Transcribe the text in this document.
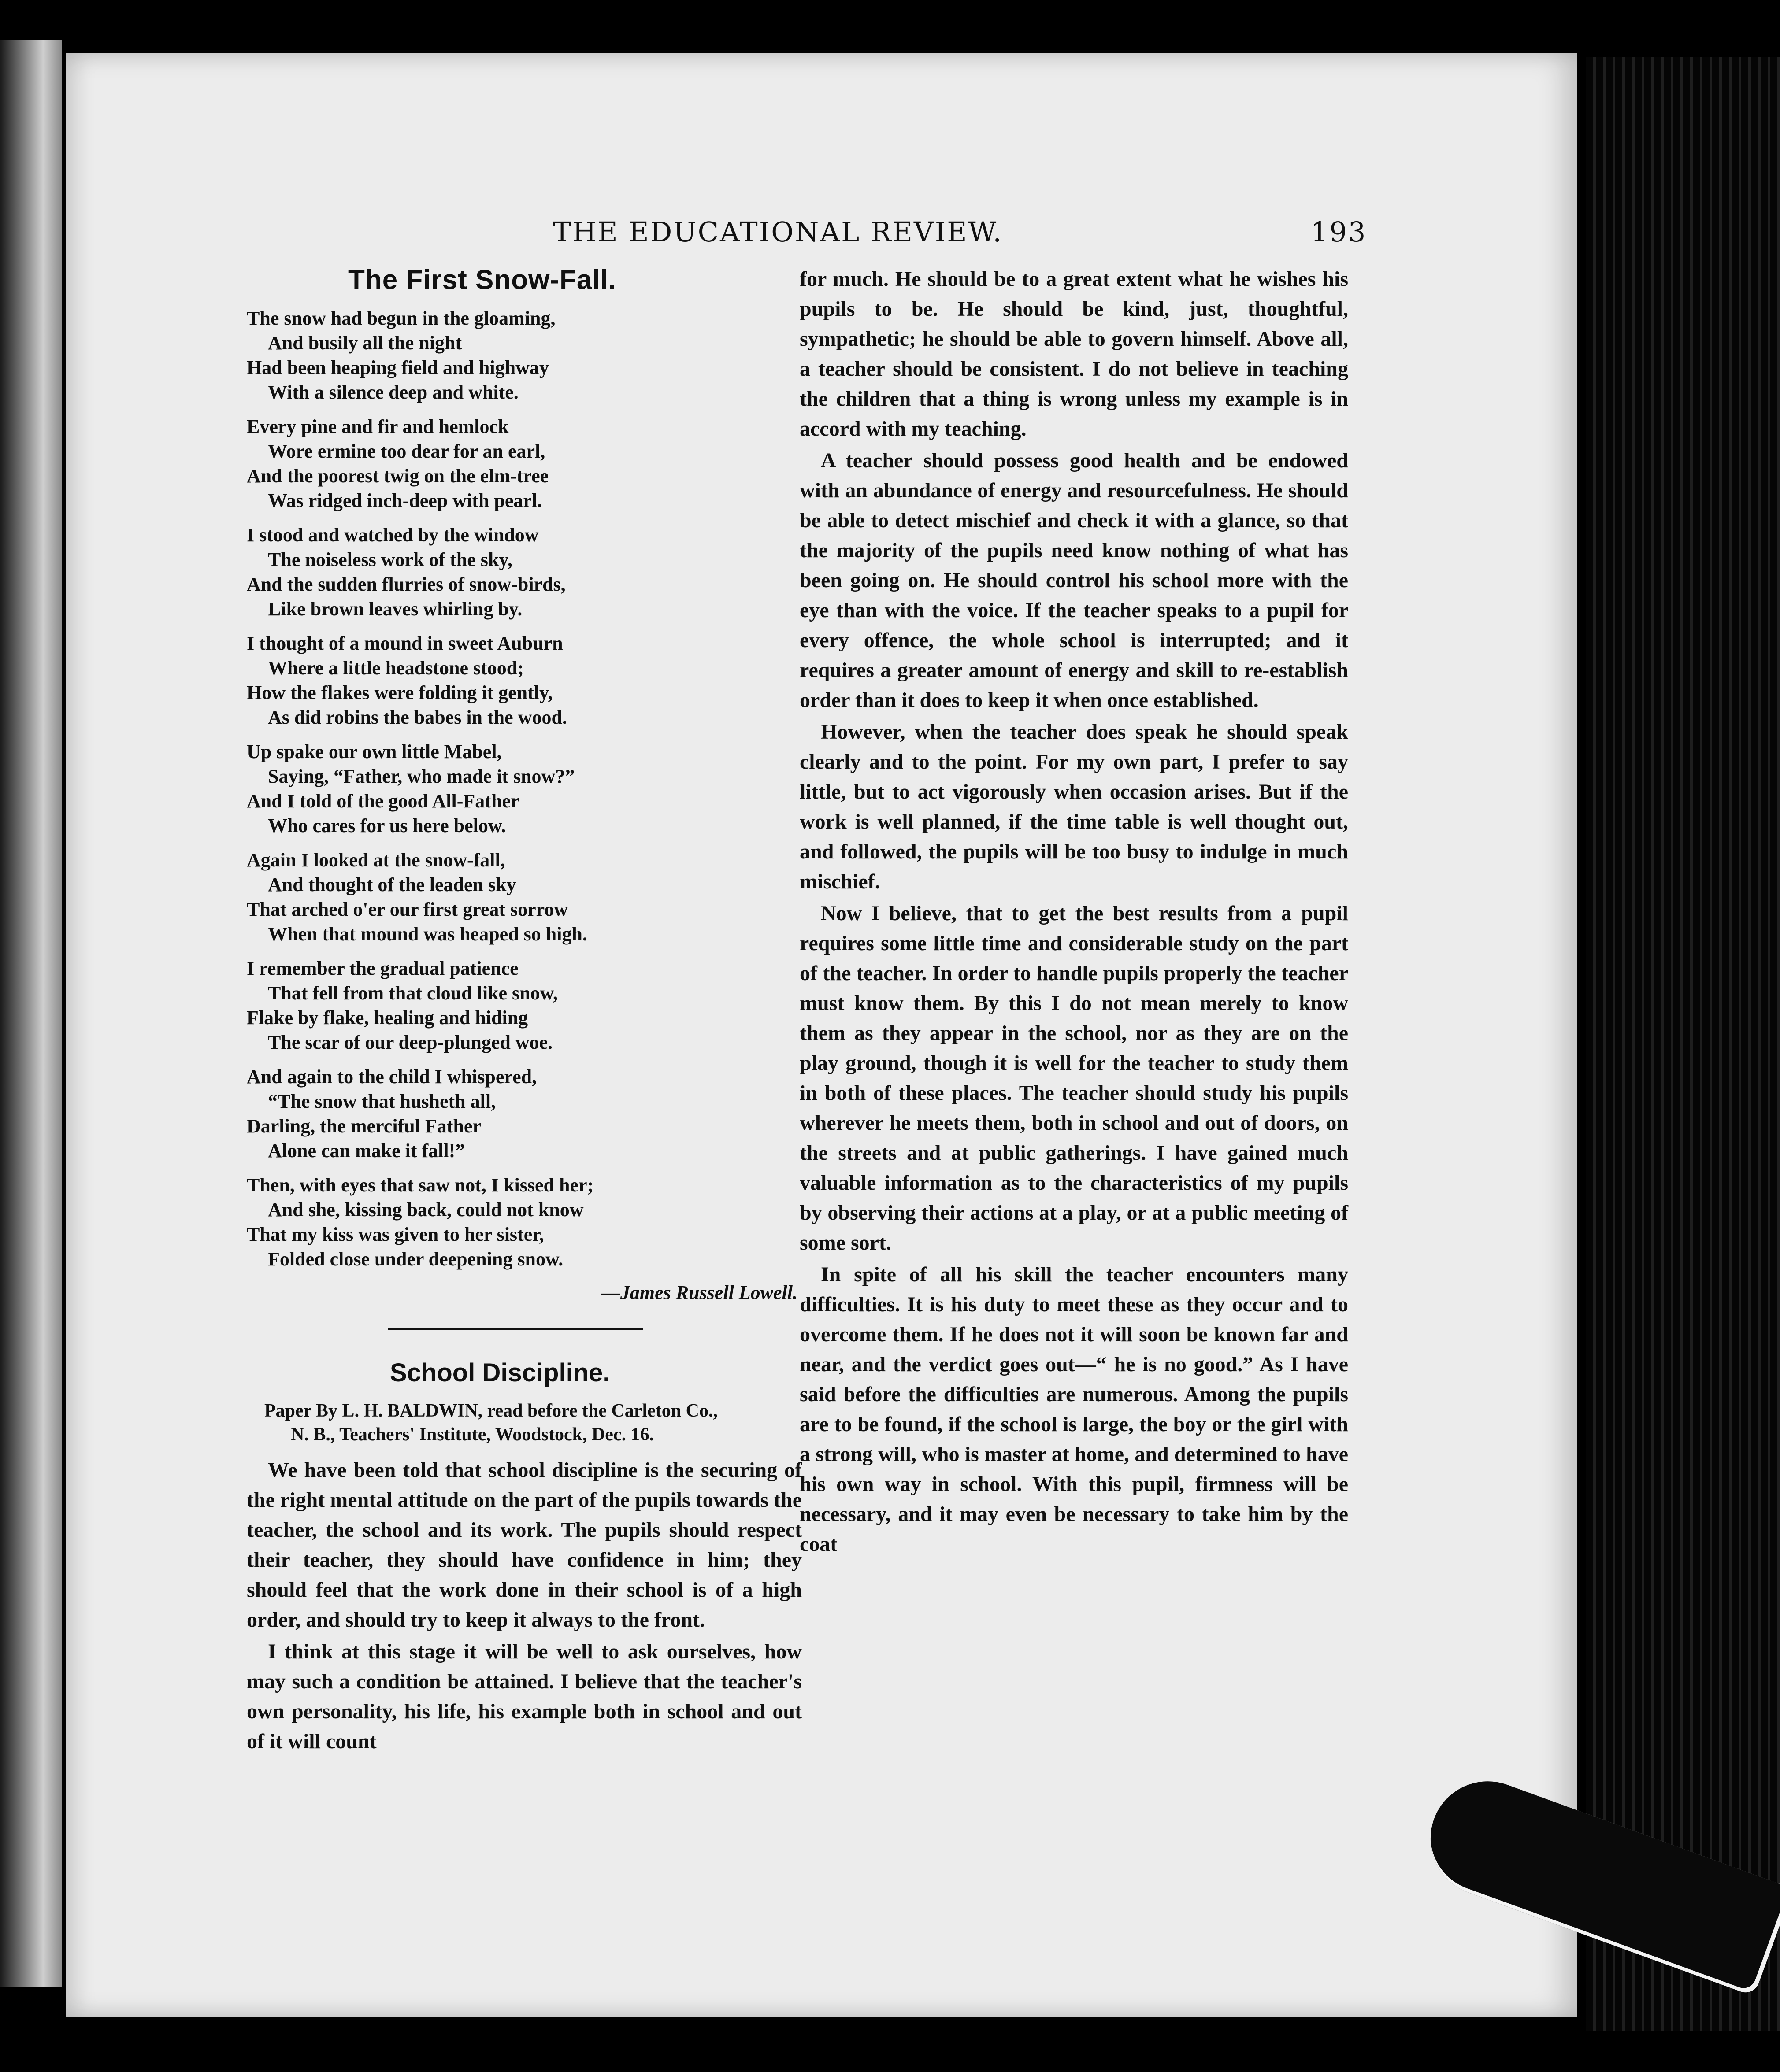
THE EDUCATIONAL REVIEW.	193
The First Snow-Fall.
The snow had begun in the gloaming,
And busily all the night
Had been heaping field and highway
With a silence deep and white.
Every pine and fir and hemlock
Wore ermine too dear for an earl,
And the poorest twig on the elm-tree
Was ridged inch-deep with pearl.
I stood and watched by the window
The noiseless work of the sky,
And the sudden flurries of snow-birds,
Like brown leaves whirling by.
I thought of a mound in sweet Auburn
Where a little headstone stood;
How the flakes were folding it gently,
As did robins the babes in the wood.
Up spake our own little Mabel,
Saying, “Father, who made it snow?”
And I told of the good All-Father
Who cares for us here below.
Again I looked at the snow-fall,
And thought of the leaden sky
That arched o'er our first great sorrow
When that mound was heaped so high.
I remember the gradual patience
That fell from that cloud like snow,
Flake by flake, healing and hiding
The scar of our deep-plunged woe.
And again to the child I whispered,
“The snow that husheth all,
Darling, the merciful Father
Alone can make it fall!”
Then, with eyes that saw not, I kissed her;
And she, kissing back, could not know
That my kiss was given to her sister,
Folded close under deepening snow.
—James Russell Lowell.
School Discipline.
Paper By L. H. BALDWIN, read before the Carleton Co.,
N. B., Teachers' Institute, Woodstock, Dec. 16.
We have been told that school discipline is the securing of the right mental attitude on the part of the pupils towards the teacher, the school and its work. The pupils should respect their teacher, they should have confidence in him; they should feel that the work done in their school is of a high order, and should try to keep it always to the front.
I think at this stage it will be well to ask ourselves, how may such a condition be attained. I believe that the teacher's own personality, his life, his example both in school and out of it will count
for much. He should be to a great extent what he wishes his pupils to be. He should be kind, just, thoughtful, sympathetic; he should be able to govern himself. Above all, a teacher should be consistent. I do not believe in teaching the children that a thing is wrong unless my example is in accord with my teaching.
A teacher should possess good health and be endowed with an abundance of energy and resourcefulness. He should be able to detect mischief and check it with a glance, so that the majority of the pupils need know nothing of what has been going on. He should control his school more with the eye than with the voice. If the teacher speaks to a pupil for every offence, the whole school is interrupted; and it requires a greater amount of energy and skill to re-establish order than it does to keep it when once established.
However, when the teacher does speak he should speak clearly and to the point. For my own part, I prefer to say little, but to act vigorously when occasion arises. But if the work is well planned, if the time table is well thought out, and followed, the pupils will be too busy to indulge in much mischief.
Now I believe, that to get the best results from a pupil requires some little time and considerable study on the part of the teacher. In order to handle pupils properly the teacher must know them. By this I do not mean merely to know them as they appear in the school, nor as they are on the play ground, though it is well for the teacher to study them in both of these places. The teacher should study his pupils wherever he meets them, both in school and out of doors, on the streets and at public gatherings. I have gained much valuable information as to the characteristics of my pupils by observing their actions at a play, or at a public meeting of some sort.
In spite of all his skill the teacher encounters many difficulties. It is his duty to meet these as they occur and to overcome them. If he does not it will soon be known far and near, and the verdict goes out—“ he is no good.” As I have said before the difficulties are numerous. Among the pupils are to be found, if the school is large, the boy or the girl with a strong will, who is master at home, and determined to have his own way in school. With this pupil, firmness will be necessary, and it may even be necessary to take him by the coat
